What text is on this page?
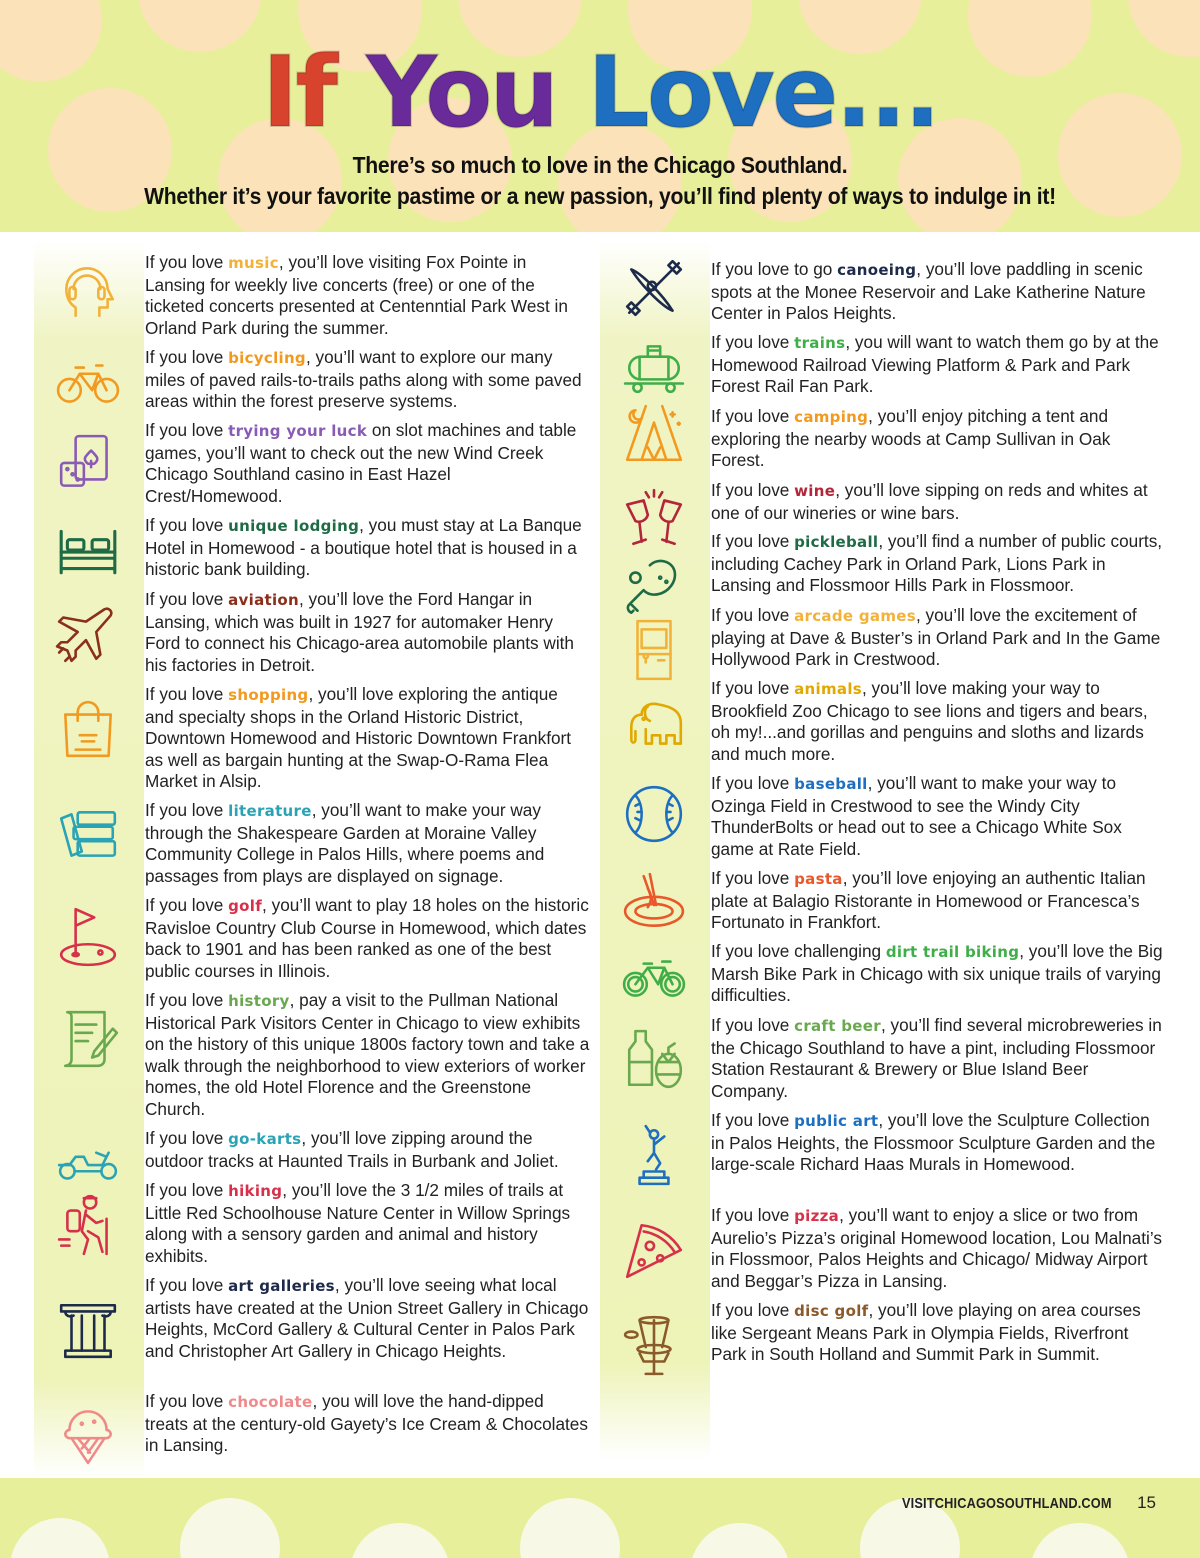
If You Love...
There’s so much to love in the Chicago Southland.
Whether it’s your favorite pastime or a new passion, you’ll find plenty of ways to indulge in it!

If you love music, you’ll love visiting Fox Pointe in Lansing for weekly live concerts (free) or one of the ticketed concerts presented at Centenntial Park West in Orland Park during the summer.

If you love bicycling, you’ll want to explore our many miles of paved rails-to-trails paths along with some paved areas within the forest preserve systems.

If you love trying your luck on slot machines and table games, you’ll want to check out the new Wind Creek Chicago Southland casino in East Hazel Crest/Homewood.

If you love unique lodging, you must stay at La Banque Hotel in Homewood - a boutique hotel that is housed in a historic bank building.

If you love aviation, you’ll love the Ford Hangar in Lansing, which was built in 1927 for automaker Henry Ford to connect his Chicago-area automobile plants with his factories in Detroit.

If you love shopping, you’ll love exploring the antique and specialty shops in the Orland Historic District, Downtown Homewood and Historic Downtown Frankfort as well as bargain hunting at the Swap-O-Rama Flea Market in Alsip.

If you love literature, you’ll want to make your way through the Shakespeare Garden at Moraine Valley Community College in Palos Hills, where poems and passages from plays are displayed on signage.

If you love golf, you’ll want to play 18 holes on the historic Ravisloe Country Club Course in Homewood, which dates back to 1901 and has been ranked as one of the best public courses in Illinois.

If you love history, pay a visit to the Pullman National Historical Park Visitors Center in Chicago to view exhibits on the history of this unique 1800s factory town and take a walk through the neighborhood to view exteriors of worker homes, the old Hotel Florence and the Greenstone Church.

If you love go-karts, you’ll love zipping around the outdoor tracks at Haunted Trails in Burbank and Joliet.

If you love hiking, you’ll love the 3 1/2 miles of trails at Little Red Schoolhouse Nature Center in Willow Springs along with a sensory garden and animal and history exhibits.

If you love art galleries, you’ll love seeing what local artists have created at the Union Street Gallery in Chicago Heights, McCord Gallery & Cultural Center in Palos Park and Christopher Art Gallery in Chicago Heights.

If you love chocolate, you will love the hand-dipped treats at the century-old Gayety’s Ice Cream & Chocolates in Lansing.

If you love to go canoeing, you’ll love paddling in scenic spots at the Monee Reservoir and Lake Katherine Nature Center in Palos Heights.

If you love trains, you will want to watch them go by at the Homewood Railroad Viewing Platform & Park and Park Forest Rail Fan Park.

If you love camping, you’ll enjoy pitching a tent and exploring the nearby woods at Camp Sullivan in Oak Forest.

If you love wine, you’ll love sipping on reds and whites at one of our wineries or wine bars.

If you love pickleball, you’ll find a number of public courts, including Cachey Park in Orland Park, Lions Park in Lansing and Flossmoor Hills Park in Flossmoor.

If you love arcade games, you’ll love the excitement of playing at Dave & Buster’s in Orland Park and In the Game Hollywood Park in Crestwood.

If you love animals, you’ll love making your way to Brookfield Zoo Chicago to see lions and tigers and bears, oh my!...and gorillas and penguins and sloths and lizards and much more.

If you love baseball, you’ll want to make your way to Ozinga Field in Crestwood to see the Windy City ThunderBolts or head out to see a Chicago White Sox game at Rate Field.

If you love pasta, you’ll love enjoying an authentic Italian plate at Balagio Ristorante in Homewood or Francesca’s Fortunato in Frankfort.

If you love challenging dirt trail biking, you’ll love the Big Marsh Bike Park in Chicago with six unique trails of varying difficulties.

If you love craft beer, you’ll find several microbreweries in the Chicago Southland to have a pint, including Flossmoor Station Restaurant & Brewery or Blue Island Beer Company.

If you love public art, you’ll love the Sculpture Collection in Palos Heights, the Flossmoor Sculpture Garden and the large-scale Richard Haas Murals in Homewood.

If you love pizza, you’ll want to enjoy a slice or two from Aurelio’s Pizza’s original Homewood location, Lou Malnati’s in Flossmoor, Palos Heights and Chicago/ Midway Airport and Beggar’s Pizza in Lansing.

If you love disc golf, you’ll love playing on area courses like Sergeant Means Park in Olympia Fields, Riverfront Park in South Holland and Summit Park in Summit.

VISITCHICAGOSOUTHLAND.COM 15
